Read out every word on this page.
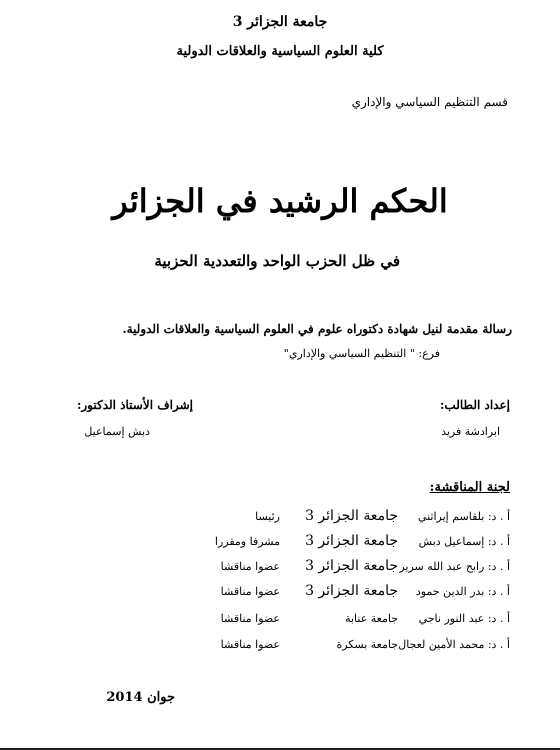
جامعة الجزائر 3
كلية العلوم السياسية والعلاقات الدولية
قسم التنظيم السياسي والإداري
الحكم الرشيد في الجزائر
في ظل الحزب الواحد والتعددية الحزبية
رسالة مقدمة لنيل شهادة دكتوراه علوم في العلوم السياسية والعلاقات الدولية.
فرع: " التنظيم السياسي والإداري"
إعداد الطالب:
ابرادشة فريد
إشراف الأستاذ الدكتور:
دبش إسماعيل
لجنة المناقشة:
أ . د: بلقاسم إيراثني
جامعة الجزائر 3
رئيسا
أ . د: إسماعيل دبش
جامعة الجزائر 3
مشرفا ومقررا
أ . د: رابح عبد الله سرير
جامعة الجزائر 3
عضوا مناقشا
أ . د: بدر الدين حمود
جامعة الجزائر 3
عضوا مناقشا
أ . د: عبد النور ناجي
جامعة عنابة
عضوا مناقشا
أ . د: محمد الأمين لعجال
جامعة بسكرة
عضوا مناقشا
جوان 2014
